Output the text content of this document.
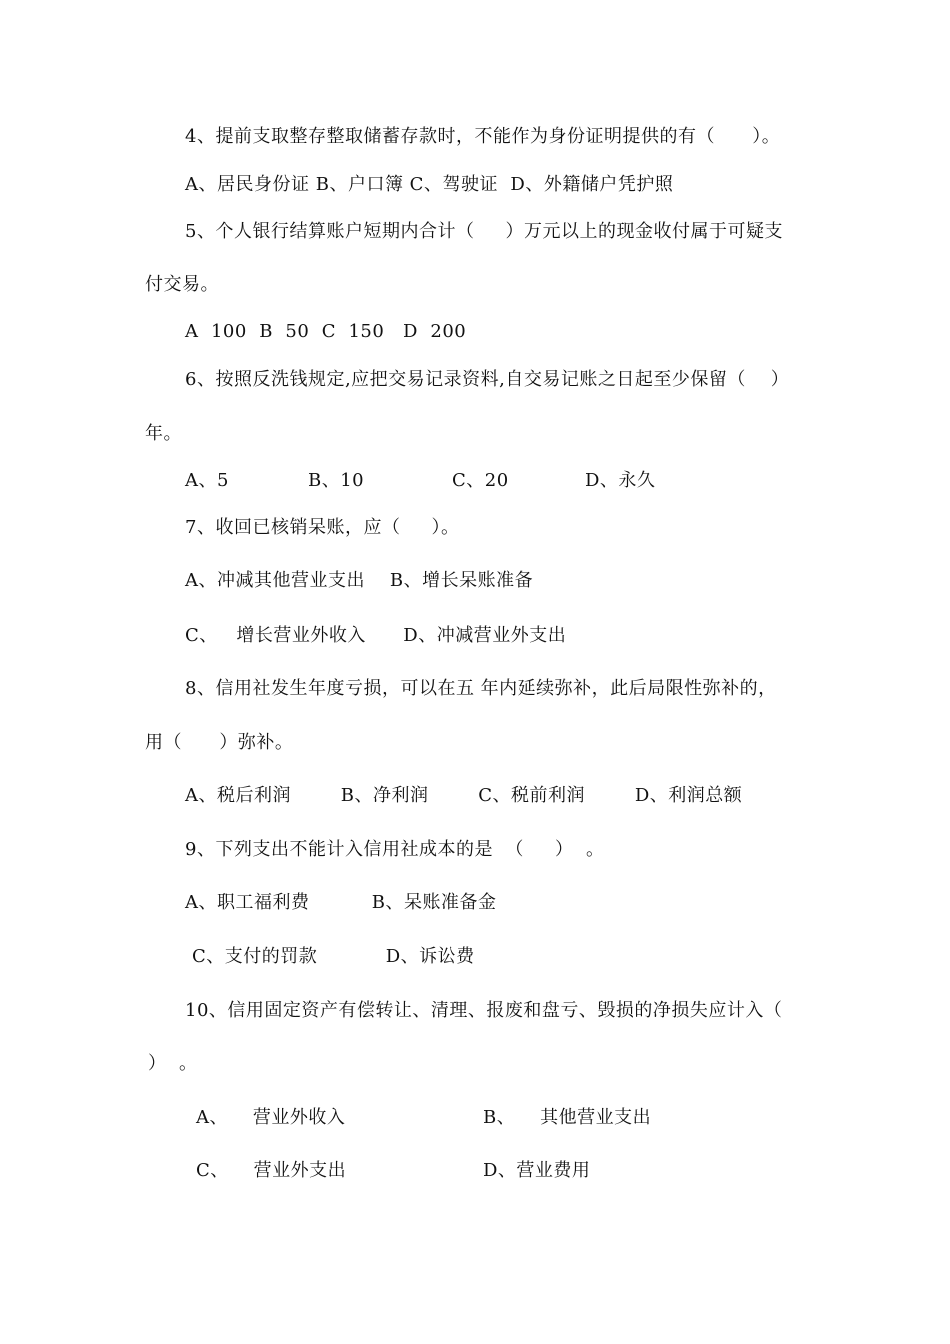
4、提前支取整存整取储蓄存款时，不能作为身份证明提供的有（      ）。
A、居民身份证 B、户口簿 C、驾驶证  D、外籍储户凭护照
5、个人银行结算账户短期内合计（     ）万元以上的现金收付属于可疑支
付交易。
A  100  B  50  C  150   D  200
6、按照反洗钱规定,应把交易记录资料,自交易记账之日起至少保留（    ）
年。
A、5	B、10	C、20	D、永久
7、收回已核销呆账，应（     ）。
A、冲减其他营业支出    B、增长呆账准备
C、   增长营业外收入      D、冲减营业外支出
8、信用社发生年度亏损，可以在五 年内延续弥补，此后局限性弥补的，
用（      ）弥补。
A、税后利润        B、净利润        C、税前利润        D、利润总额
9、下列支出不能计入信用社成本的是  （     ）  。
A、职工福利费          B、呆账准备金
C、支付的罚款           D、诉讼费
10、信用固定资产有偿转让、清理、报废和盘亏、毁损的净损失应计入（
）  。
A、    营业外收入	B、    其他营业支出
C、    营业外支出	D、营业费用
